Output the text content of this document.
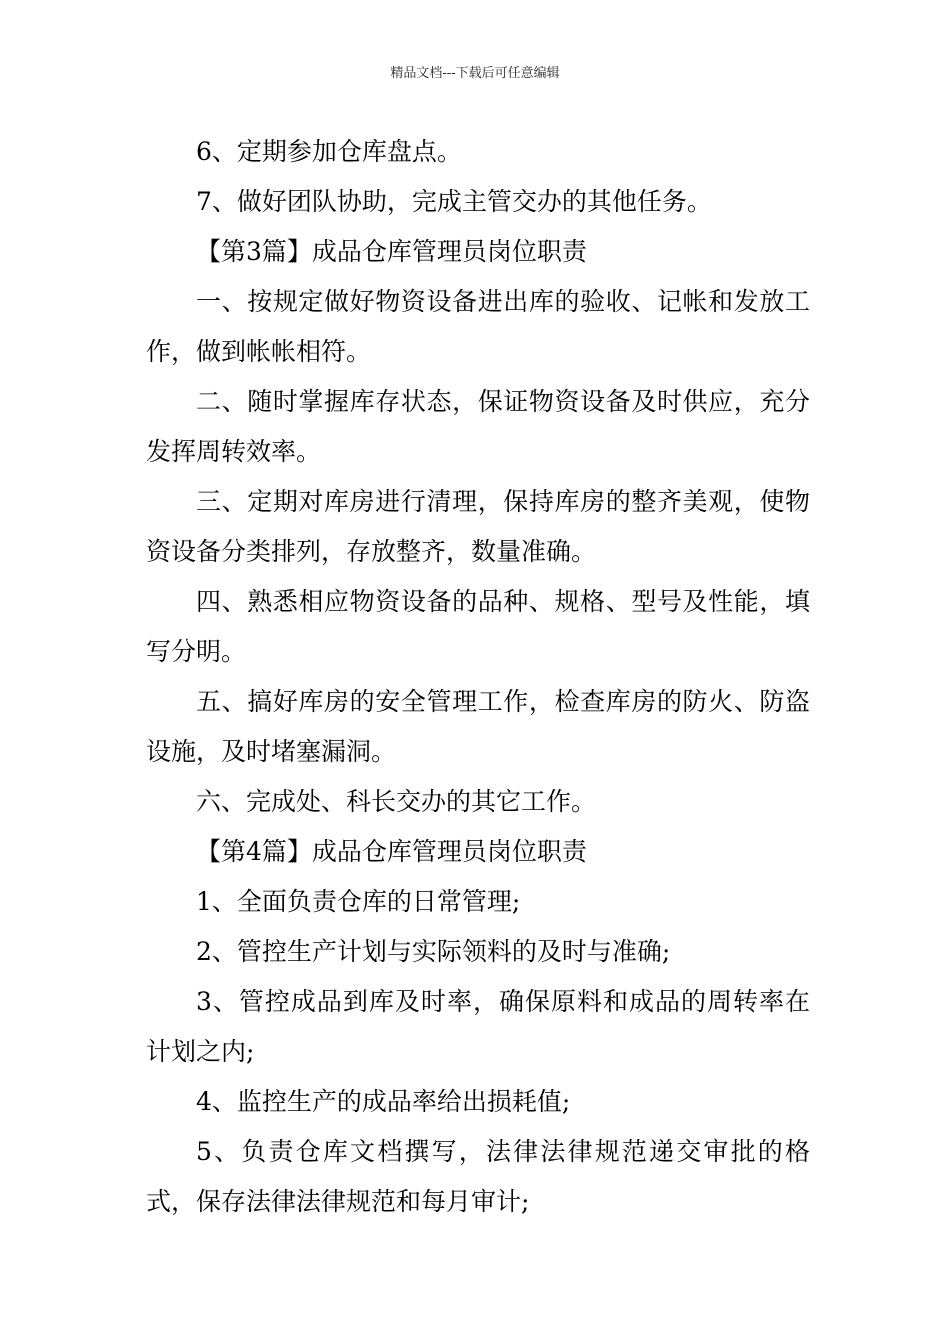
精品文档---下载后可任意编辑

6、定期参加仓库盘点。

7、做好团队协助，完成主管交办的其他任务。

【第3篇】成品仓库管理员岗位职责

一、按规定做好物资设备进出库的验收、记帐和发放工作，做到帐帐相符。

二、随时掌握库存状态，保证物资设备及时供应，充分发挥周转效率。

三、定期对库房进行清理，保持库房的整齐美观，使物资设备分类排列，存放整齐，数量准确。

四、熟悉相应物资设备的品种、规格、型号及性能，填写分明。

五、搞好库房的安全管理工作，检查库房的防火、防盗设施，及时堵塞漏洞。

六、完成处、科长交办的其它工作。

【第4篇】成品仓库管理员岗位职责

1、全面负责仓库的日常管理;

2、管控生产计划与实际领料的及时与准确;

3、管控成品到库及时率，确保原料和成品的周转率在计划之内;

4、监控生产的成品率给出损耗值;

5、负责仓库文档撰写，法律法律规范递交审批的格式，保存法律法律规范和每月审计;
